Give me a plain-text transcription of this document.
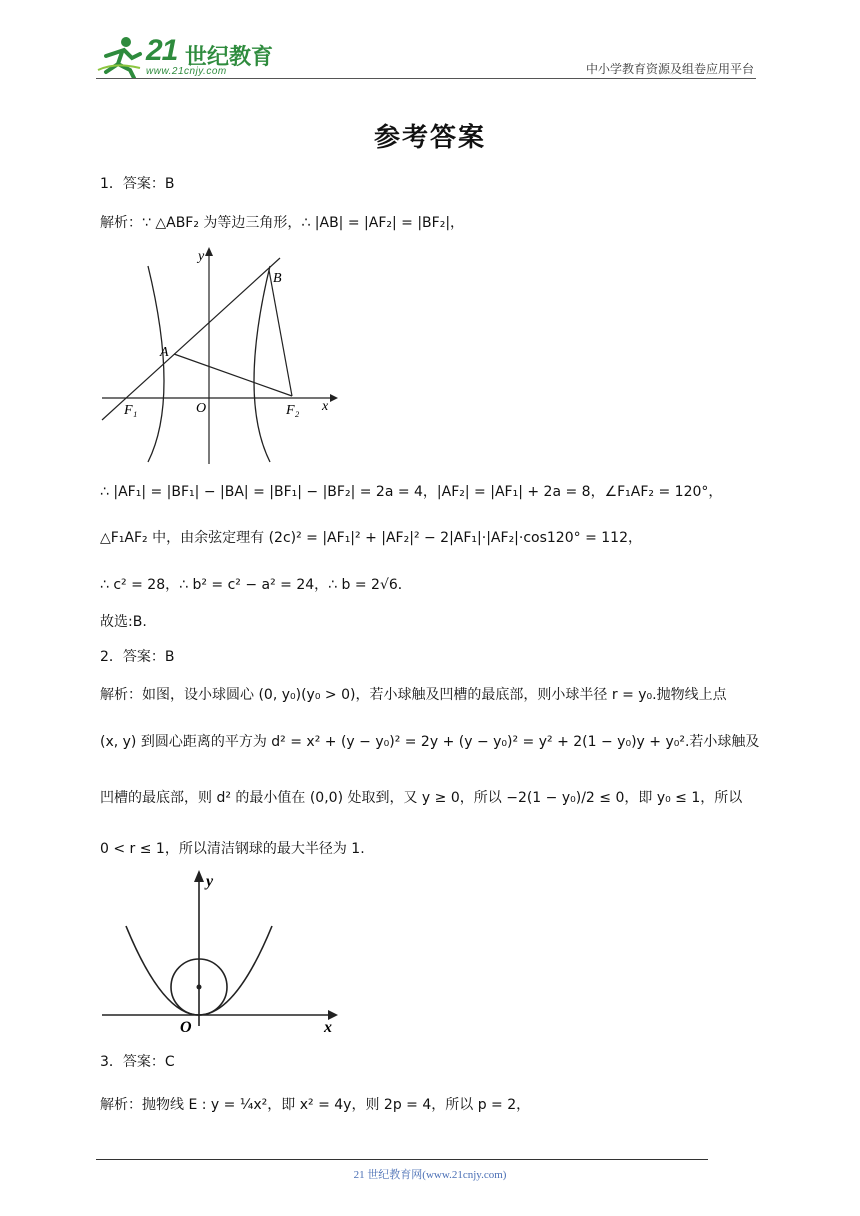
21 世纪教育
www.21cnjy.com	中小学教育资源及组卷应用平台
参考答案
1．答案：B
解析：∵ △ABF₂ 为等边三角形，∴ |AB| = |AF₂| = |BF₂|，
y
B
A
F₁	O	F₂ x
∴ |AF₁| = |BF₁| − |BA| = |BF₁| − |BF₂| = 2a = 4，|AF₂| = |AF₁| + 2a = 8，∠F₁AF₂ = 120°，
△F₁AF₂ 中，由余弦定理有 (2c)² = |AF₁|² + |AF₂|² − 2|AF₁|·|AF₂|·cos120° = 112，
∴ c² = 28，∴ b² = c² − a² = 24，∴ b = 2√6．
故选:B.
2．答案：B
解析：如图，设小球圆心 (0, y₀)(y₀ > 0)，若小球触及凹槽的最底部，则小球半径 r = y₀.抛物线上点
(x, y) 到圆心距离的平方为 d² = x² + (y − y₀)² = 2y + (y − y₀)² = y² + 2(1 − y₀)y + y₀².若小球触及
凹槽的最底部，则 d² 的最小值在 (0,0) 处取到，又 y ≥ 0，所以 −2(1 − y₀)/2 ≤ 0，即 y₀ ≤ 1，所以
0 < r ≤ 1，所以清洁钢球的最大半径为 1.
y
O	x
3．答案：C
解析：抛物线 E : y = ¼x²，即 x² = 4y，则 2p = 4，所以 p = 2，
21 世纪教育网(www.21cnjy.com)
